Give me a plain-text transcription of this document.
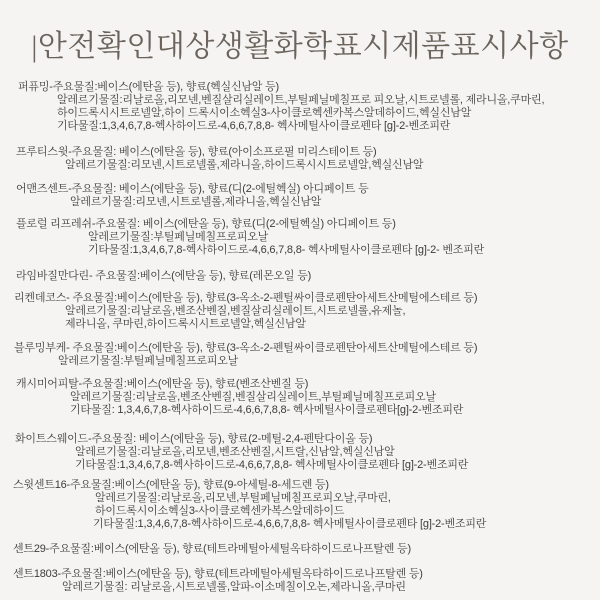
|안전확인대상생활화학표시제품표시사항
퍼퓨밍-주요물질:베이스(에탄올 등), 향료(헥실신남알 등)
알레르기물질:리날로올,리모넨,벤질살리실레이트,부틸페닐메칠프로 피오날,시트로넬롤, 제라니올,쿠마린,
하이드록시시트로넬알,하이 드록시이소헥실3-사이클로헥센카복스알데하이드,헥실신남알
기타물질:1,3,4,6,7,8-헥사하이드로-4,6,6,7,8,8- 헥사메틸사이클로펜타 [g]-2-벤조피란
프루티스윗-주요물질: 베이스(에탄올 등), 향료(아이소프로필 미리스테이트 등)
알레르기물질:리모넨,시트로넬롤,제라니올,하이드록시시트로넬알,헥실신남알
어맨즈센트-주요물질: 베이스(에탄올 등), 향료(디(2-에틸헥실) 아디페이트 등
알레르기물질:리모넨,시트로넬롤,제라니올,헥실신남알
플로럴 리프레쉬-주요물질: 베이스(에탄올 등), 향료(디(2-에틸헥실) 아디페이트 등)
알레르기물질:부틸페닐메칠프로피오날
기타물질:1,3,4,6,7,8-헥사하이드로-4,6,6,7,8,8- 헥사메틸사이클로펜타 [g]-2- 벤조피란
라임바질만다린- 주요물질:베이스(에탄올 등), 향료(레몬오일 등)
리켄데코스- 주요물질:베이스(에탄올 등), 향료(3-옥소-2-펜틸싸이클로펜탄아세트산메틸에스테르 등)
알레르기물질:리날로올,벤조산벤질,벤질살리실레이트,시트로넬롤,유제놀,
제라니올, 쿠마린,하이드록시시트로넬알,헥실신남알
블루밍부케- 주요물질:베이스(에탄올 등), 향료(3-옥소-2-펜틸싸이클로펜탄아세트산메틸에스테르 등)
알레르기물질:부틸페닐메칠프로피오날
캐시미어피탈-주요물질:베이스(에탄올 등), 향료(벤조산벤질 등)
알레르기물질:리날로올,벤조산벤질,벤질살리실레이트,부틸페닐메칠프로피오날
기타물질: 1,3,4,6,7,8-헥사하이드로-4,6,6,7,8,8- 헥사메틸사이클로펜타[g]-2-벤조피란
화이트스웨이드-주요물질: 베이스(에탄올 등), 향료(2-메틸-2,4-펜탄다이올 등)
알레르기물질:리날로올,리모넨,벤조산벤질,시트랄,신남알,헥실신남알
기타물질:1,3,4,6,7,8-헥사하이드로-4,6,6,7,8,8- 헥사메틸사이클로펜타 [g]-2-벤조피란
스윗센트16-주요물질:베이스(에탄올 등), 향료(9-아세틸-8-세드렌 등)
알레르기물질:리날로올,리모넨,부틸페닐메칠프로피오날,쿠마린,
하이드록시이소헥실3-사이클로헥센카복스알데하이드
기타물질:1,3,4,6,7,8-헥사하이드로-4,6,6,7,8,8- 헥사메틸사이클로펜타 [g]-2-벤조피란
센트29-주요물질:베이스(에탄올 등), 향료(테트라메틸아세틸옥타하이드로나프탈렌 등)
센트1803-주요물질:베이스(에탄올 등), 향료(테트라메틸아세틸옥타하이드로나프탈렌 등)
알레르기물질: 리날로올,시트로넬롤,알파-이소메칠이오논,제라니올,쿠마린
